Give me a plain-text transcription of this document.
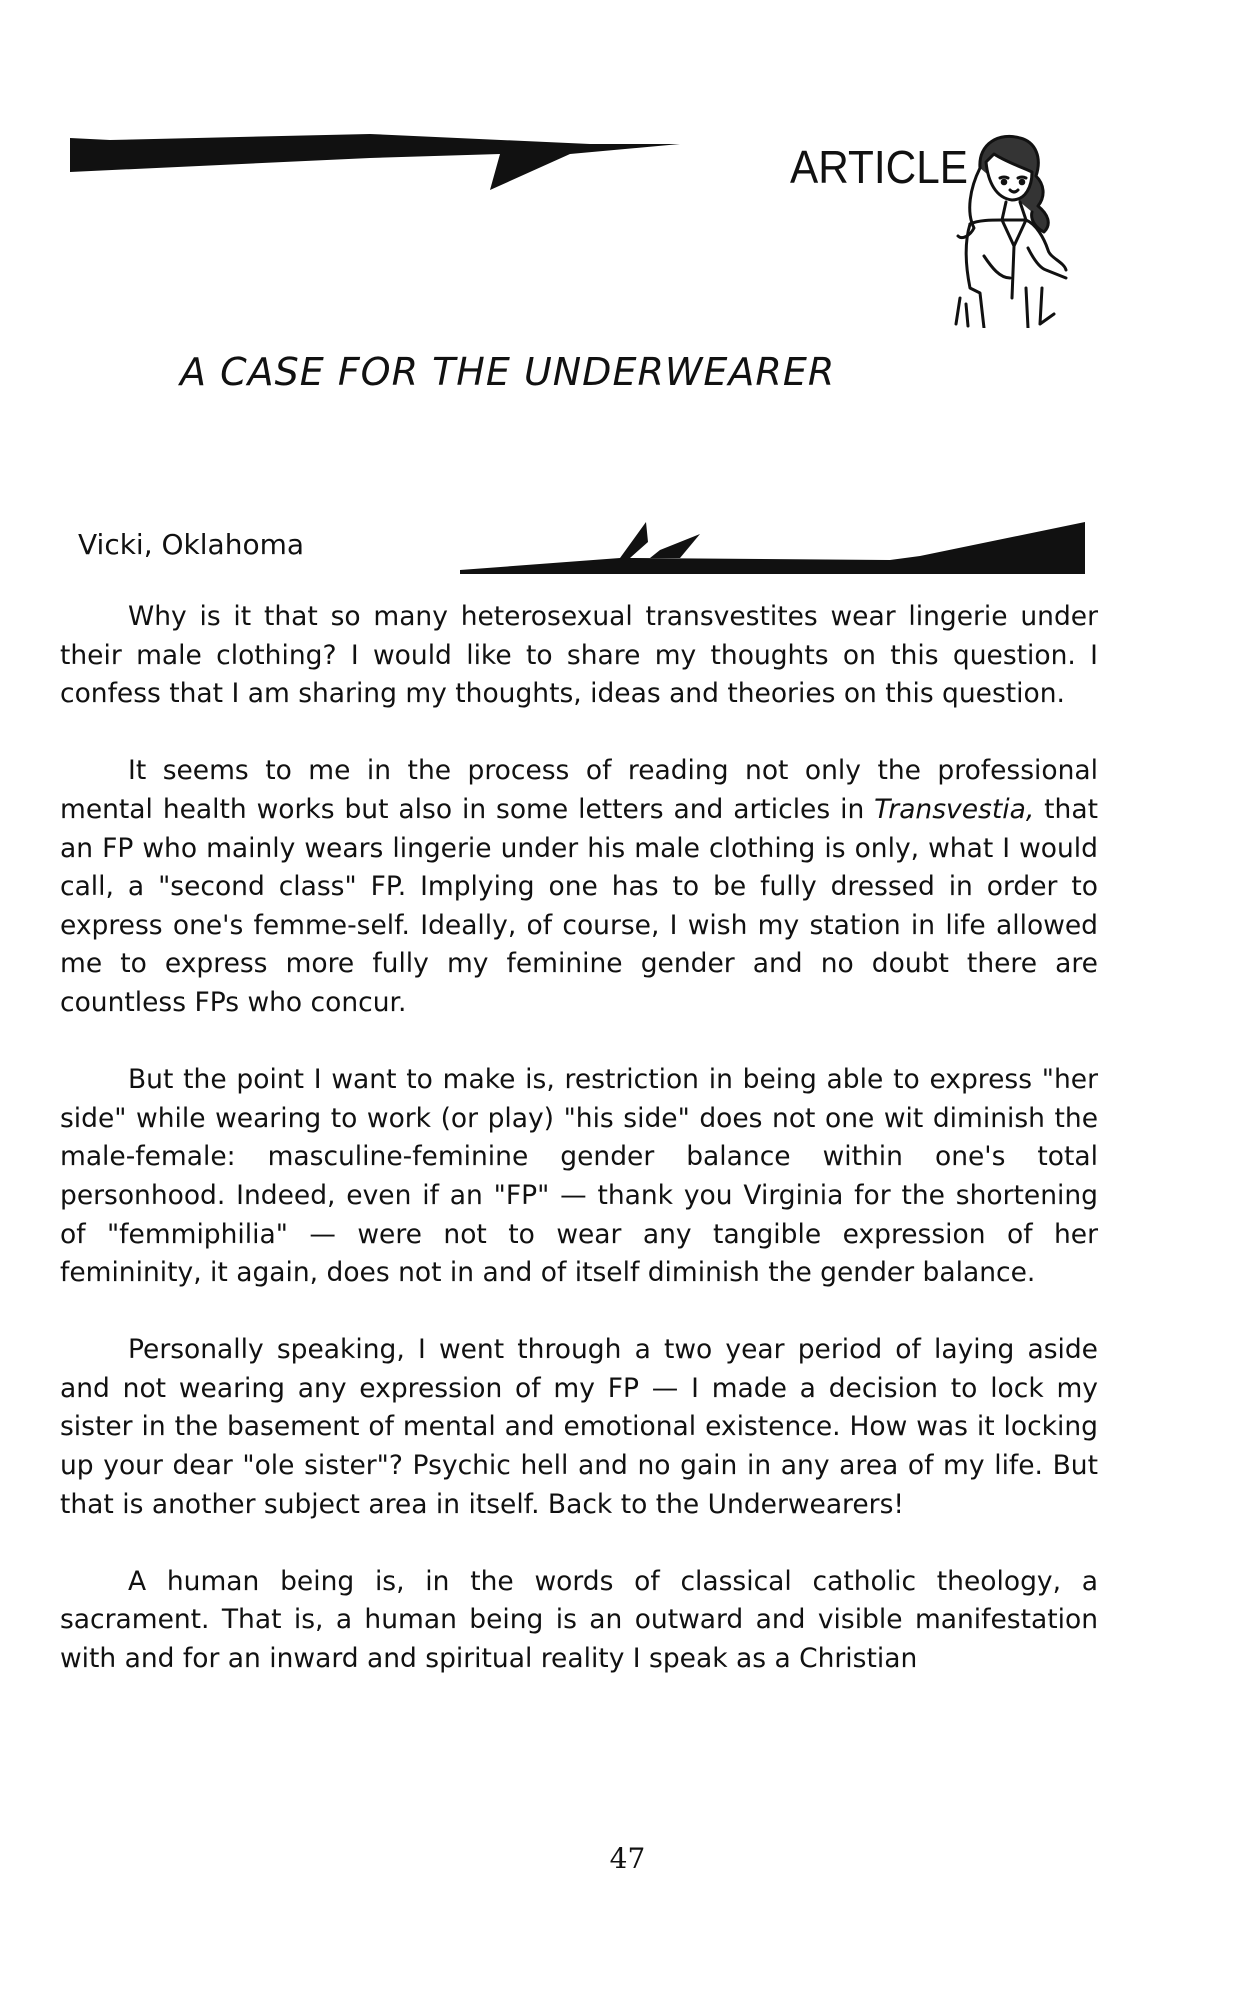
ARTICLE
A CASE FOR THE UNDERWEARER
Vicki, Oklahoma

Why is it that so many heterosexual transvestites wear lingerie under their male clothing? I would like to share my thoughts on this question. I confess that I am sharing my thoughts, ideas and theories on this question.

It seems to me in the process of reading not only the professional mental health works but also in some letters and articles in Transvestia, that an FP who mainly wears lingerie under his male clothing is only, what I would call, a "second class" FP. Implying one has to be fully dressed in order to express one's femme-self. Ideally, of course, I wish my station in life allowed me to express more fully my feminine gender and no doubt there are countless FPs who concur.

But the point I want to make is, restriction in being able to express "her side" while wearing to work (or play) "his side" does not one wit diminish the male-female: masculine-feminine gender balance within one's total personhood. Indeed, even if an "FP" — thank you Virginia for the shortening of "femmiphilia" — were not to wear any tangible expression of her femininity, it again, does not in and of itself diminish the gender balance.

Personally speaking, I went through a two year period of laying aside and not wearing any expression of my FP — I made a decision to lock my sister in the basement of mental and emotional existence. How was it locking up your dear "ole sister"? Psychic hell and no gain in any area of my life. But that is another subject area in itself. Back to the Underwearers!

A human being is, in the words of classical catholic theology, a sacrament. That is, a human being is an outward and visible manifestation with and for an inward and spiritual reality I speak as a Christian

47
